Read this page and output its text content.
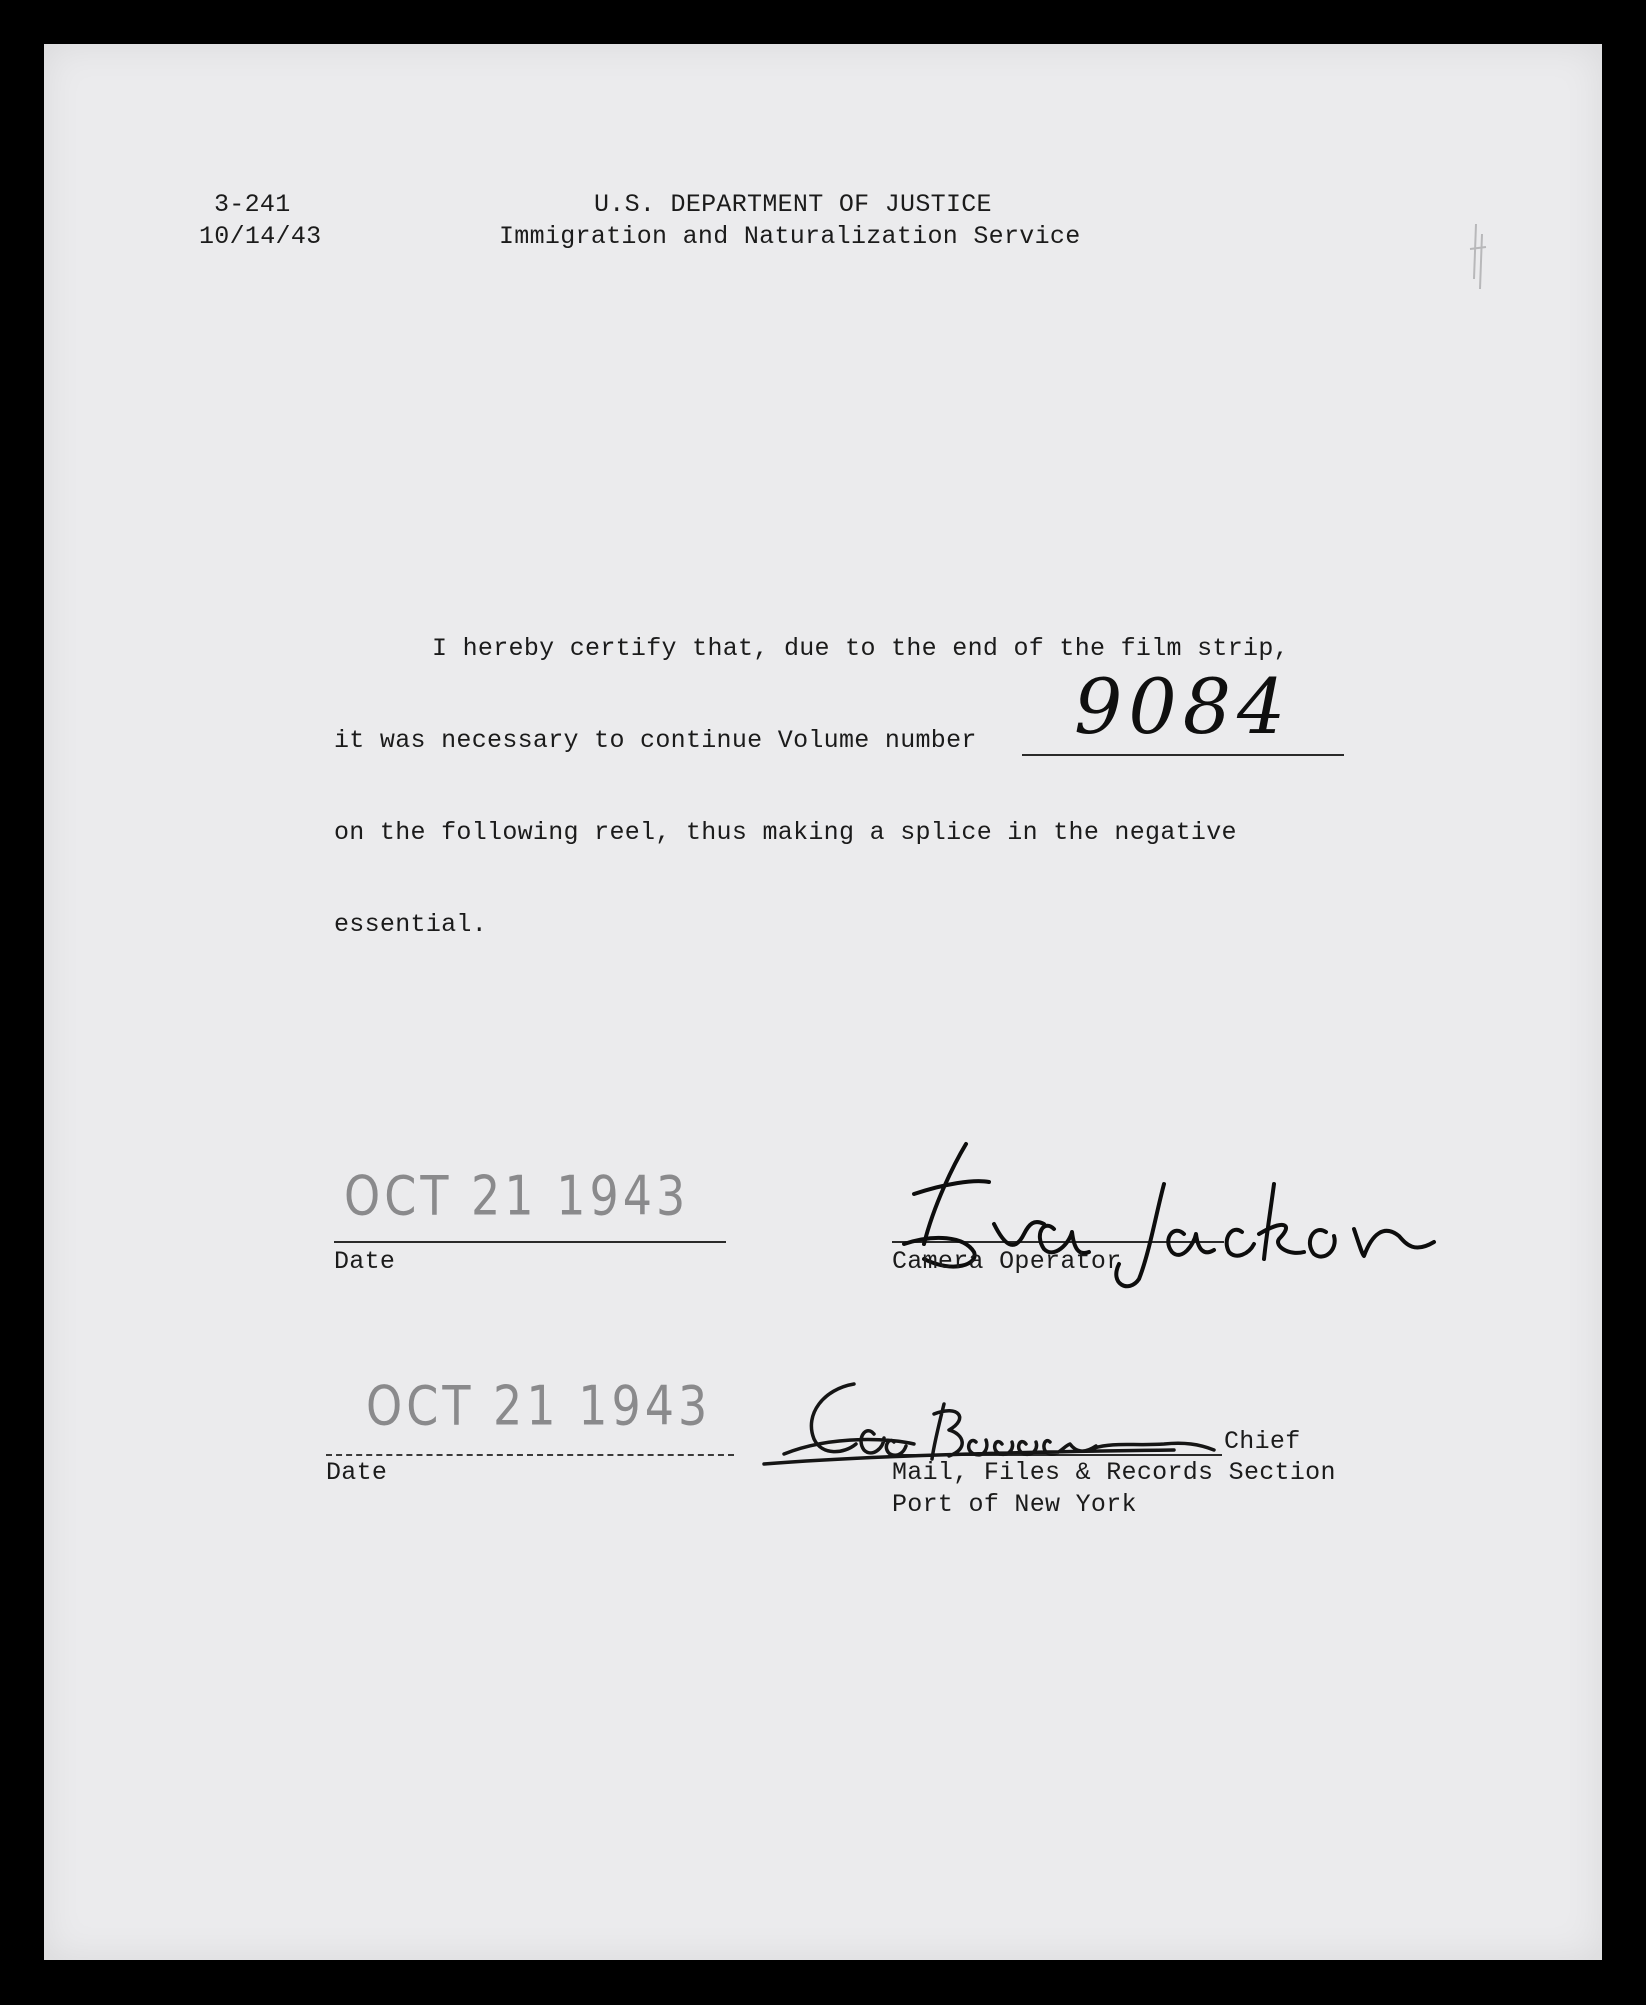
3-241
10/14/43
U.S. DEPARTMENT OF JUSTICE
Immigration and Naturalization Service
I hereby certify that, due to the end of the film strip,
it was necessary to continue Volume number 9084
on the following reel, thus making a splice in the negative
essential.
OCT 21 1943
Date	Camera Operator
OCT 21 1943
Date
Chief
Mail, Files & Records Section
Port of New York
